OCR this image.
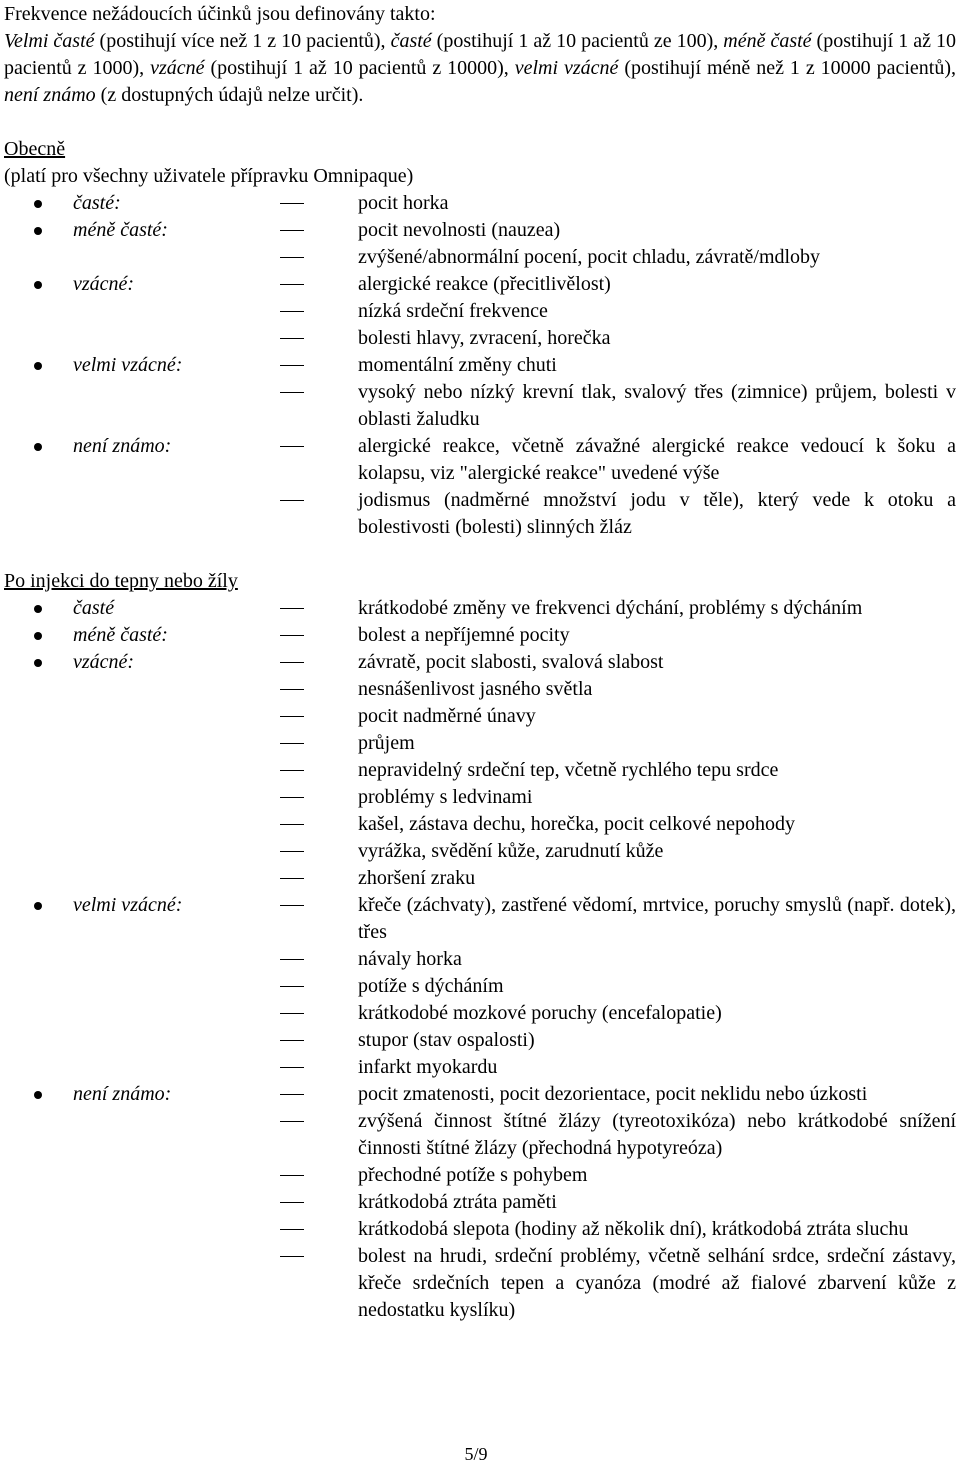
Frekvence nežádoucích účinků jsou definovány takto:

Velmi časté (postihují více než 1 z 10 pacientů), časté (postihují 1 až 10 pacientů ze 100), méně časté (postihují 1 až 10 pacientů z 1000), vzácné (postihují 1 až 10 pacientů z 10000), velmi vzácné (postihují méně než 1 z 10000 pacientů), není známo (z dostupných údajů nelze určit).

Obecně
(platí pro všechny uživatele přípravku Omnipaque)
časté:	pocit horka
méně časté:	pocit nevolnosti (nauzea)
zvýšené/abnormální pocení, pocit chladu, závratě/mdloby
vzácné:	alergické reakce (přecitlivělost)
nízká srdeční frekvence
bolesti hlavy, zvracení, horečka
velmi vzácné:	momentální změny chuti
vysoký nebo nízký krevní tlak, svalový třes (zimnice) průjem, bolesti v oblasti žaludku
není známo:	alergické reakce, včetně závažné alergické reakce vedoucí k šoku a kolapsu, viz "alergické reakce" uvedené výše
jodismus (nadměrné množství jodu v těle), který vede k otoku a bolestivosti (bolesti) slinných žláz
Po injekci do tepny nebo žíly
časté	krátkodobé změny ve frekvenci dýchání, problémy s dýcháním
méně časté:	bolest a nepříjemné pocity
vzácné:	závratě, pocit slabosti, svalová slabost
nesnášenlivost jasného světla
pocit nadměrné únavy
průjem
nepravidelný srdeční tep, včetně rychlého tepu srdce
problémy s ledvinami
kašel, zástava dechu, horečka, pocit celkové nepohody
vyrážka, svědění kůže, zarudnutí kůže
zhoršení zraku
velmi vzácné:	křeče (záchvaty), zastřené vědomí, mrtvice, poruchy smyslů (např. dotek), třes
návaly horka
potíže s dýcháním
krátkodobé mozkové poruchy (encefalopatie)
stupor (stav ospalosti)
infarkt myokardu
není známo:	pocit zmatenosti, pocit dezorientace, pocit neklidu nebo úzkosti
zvýšená činnost štítné žlázy (tyreotoxikóza) nebo krátkodobé snížení činnosti štítné žlázy (přechodná hypotyreóza)
přechodné potíže s pohybem
krátkodobá ztráta paměti
krátkodobá slepota (hodiny až několik dní), krátkodobá ztráta sluchu
bolest na hrudi, srdeční problémy, včetně selhání srdce, srdeční zástavy, křeče srdečních tepen a cyanóza (modré až fialové zbarvení kůže z nedostatku kyslíku)
5/9
